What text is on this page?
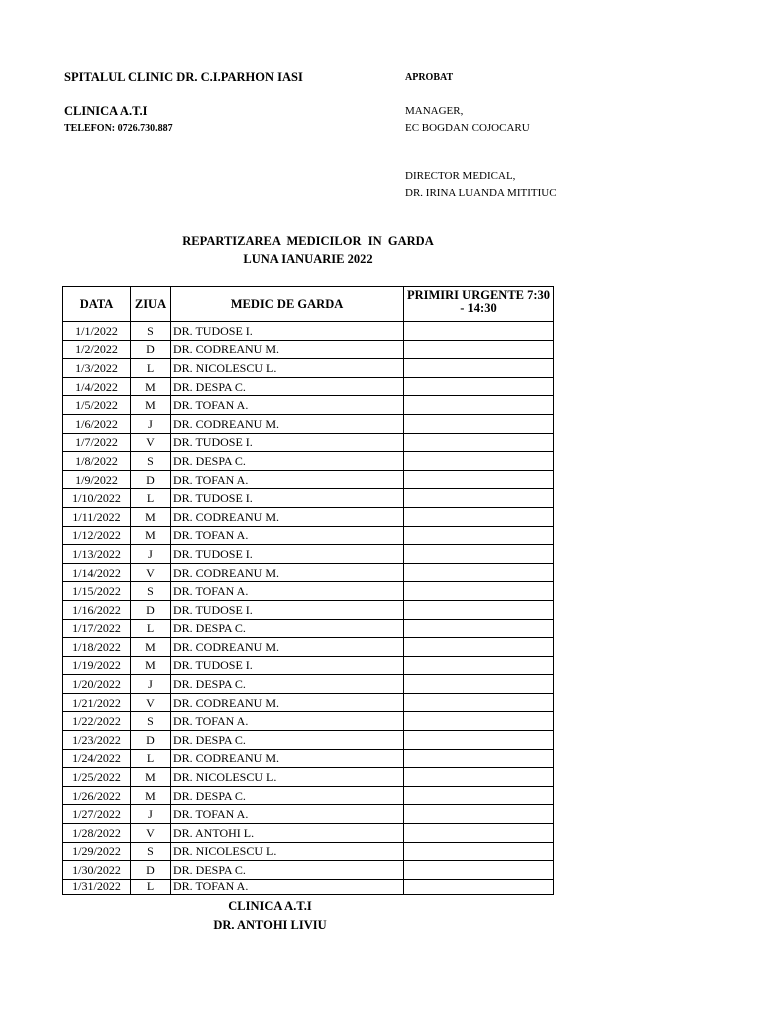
SPITALUL CLINIC DR. C.I.PARHON IASI
CLINICA A.T.I
TELEFON: 0726.730.887
APROBAT
MANAGER,
EC BOGDAN COJOCARU
DIRECTOR MEDICAL,
DR. IRINA LUANDA MITITIUC
REPARTIZAREA  MEDICILOR  IN  GARDA
LUNA IANUARIE 2022
DATA	ZIUA	MEDIC DE GARDA	PRIMIRI URGENTE 7:30 - 14:30
1/1/2022	S	DR. TUDOSE I.	
1/2/2022	D	DR. CODREANU M.	
1/3/2022	L	DR. NICOLESCU L.	
1/4/2022	M	DR. DESPA C.	
1/5/2022	M	DR. TOFAN A.	
1/6/2022	J	DR. CODREANU M.	
1/7/2022	V	DR. TUDOSE I.	
1/8/2022	S	DR. DESPA C.	
1/9/2022	D	DR. TOFAN A.	
1/10/2022	L	DR. TUDOSE I.	
1/11/2022	M	DR. CODREANU M.	
1/12/2022	M	DR. TOFAN A.	
1/13/2022	J	DR. TUDOSE I.	
1/14/2022	V	DR. CODREANU M.	
1/15/2022	S	DR. TOFAN A.	
1/16/2022	D	DR. TUDOSE I.	
1/17/2022	L	DR. DESPA C.	
1/18/2022	M	DR. CODREANU M.	
1/19/2022	M	DR. TUDOSE I.	
1/20/2022	J	DR. DESPA C.	
1/21/2022	V	DR. CODREANU M.	
1/22/2022	S	DR. TOFAN A.	
1/23/2022	D	DR. DESPA C.	
1/24/2022	L	DR. CODREANU M.	
1/25/2022	M	DR. NICOLESCU L.	
1/26/2022	M	DR. DESPA C.	
1/27/2022	J	DR. TOFAN A.	
1/28/2022	V	DR. ANTOHI L.	
1/29/2022	S	DR. NICOLESCU L.	
1/30/2022	D	DR. DESPA C.	
1/31/2022	L	DR. TOFAN A.	
CLINICA A.T.I
DR. ANTOHI LIVIU
